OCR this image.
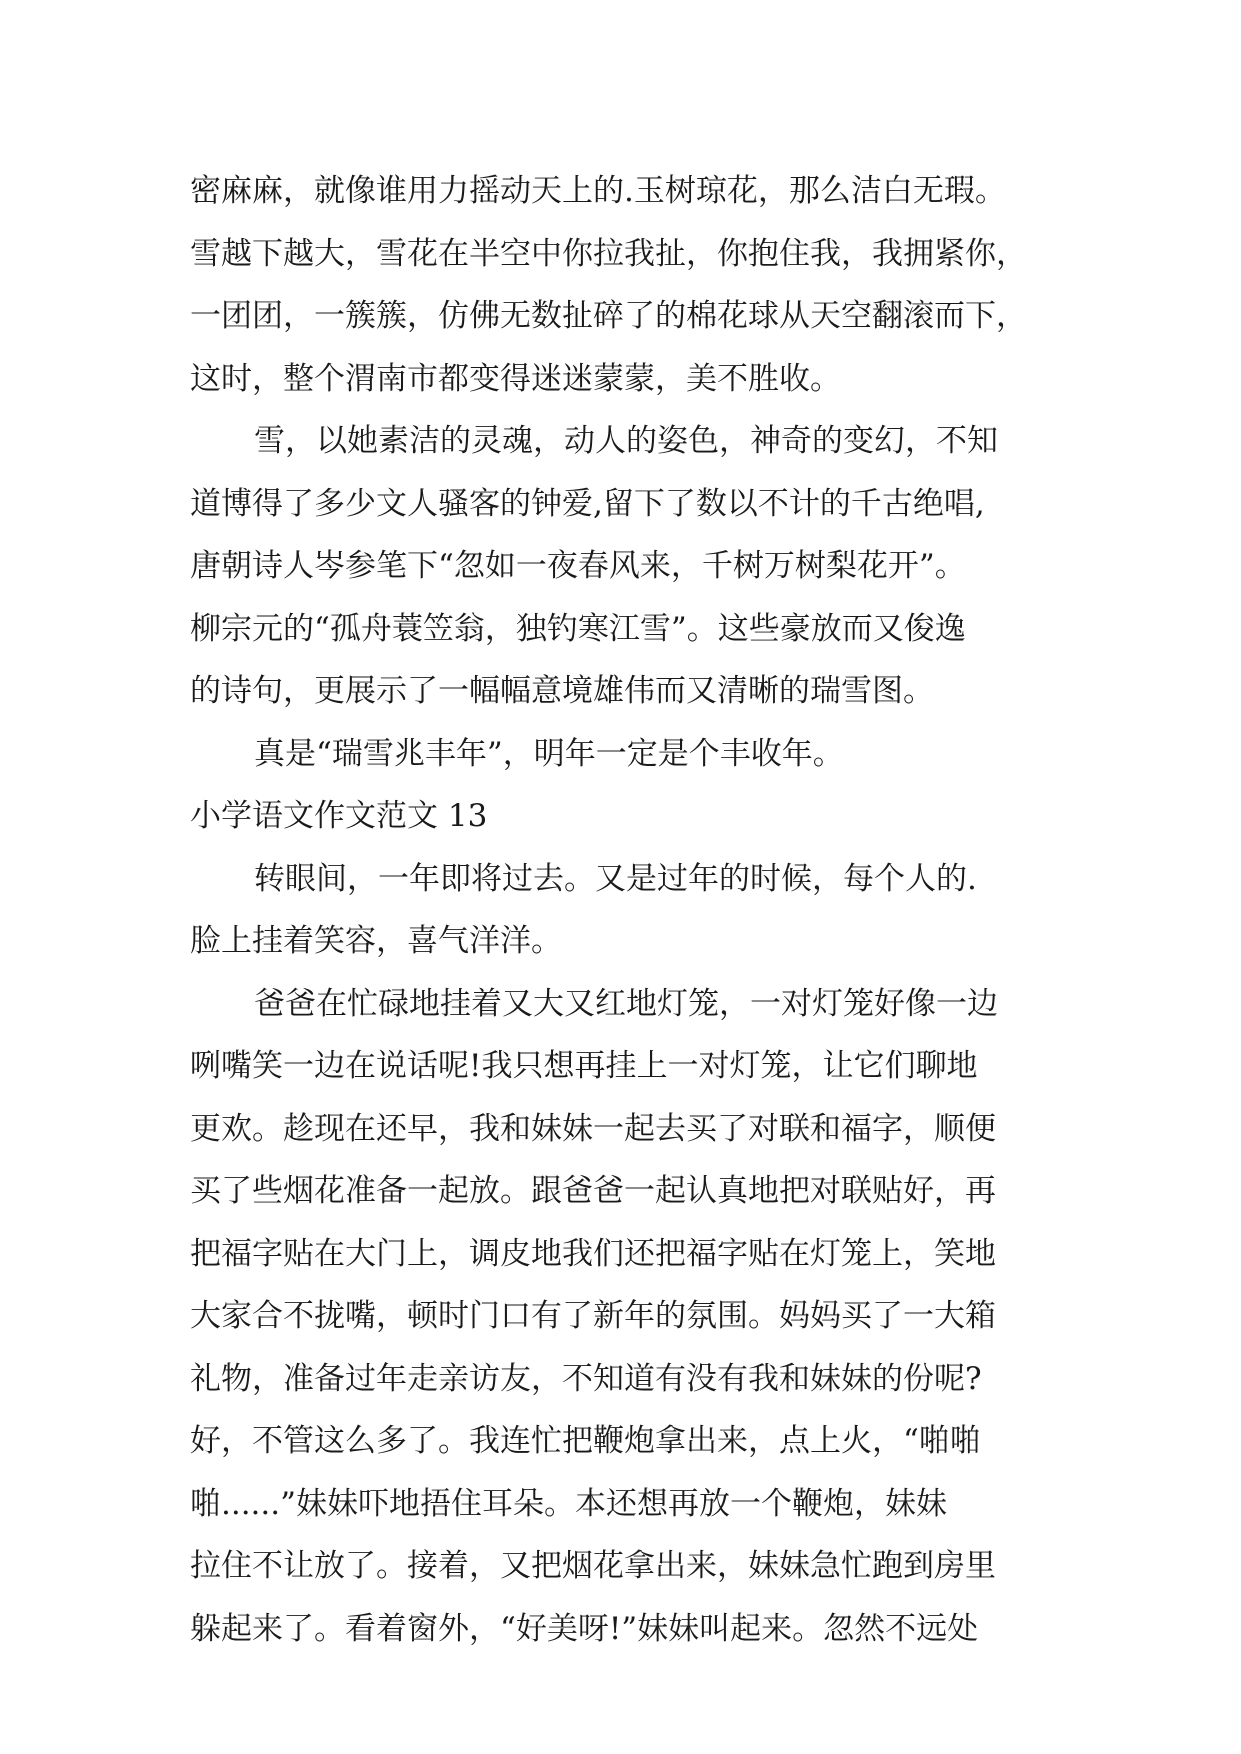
密麻麻，就像谁用力摇动天上的.玉树琼花，那么洁白无瑕。
雪越下越大，雪花在半空中你拉我扯，你抱住我，我拥紧你，
一团团，一簇簇，仿佛无数扯碎了的棉花球从天空翻滚而下，
这时，整个渭南市都变得迷迷蒙蒙，美不胜收。
雪，以她素洁的灵魂，动人的姿色，神奇的变幻，不知
道博得了多少文人骚客的钟爱,留下了数以不计的千古绝唱,
唐朝诗人岑参笔下“忽如一夜春风来，千树万树梨花开”。
柳宗元的“孤舟蓑笠翁，独钓寒江雪”。这些豪放而又俊逸
的诗句，更展示了一幅幅意境雄伟而又清晰的瑞雪图。
真是“瑞雪兆丰年”，明年一定是个丰收年。
小学语文作文范文 13
转眼间，一年即将过去。又是过年的时候，每个人的.
脸上挂着笑容，喜气洋洋。
爸爸在忙碌地挂着又大又红地灯笼，一对灯笼好像一边
咧嘴笑一边在说话呢!我只想再挂上一对灯笼，让它们聊地
更欢。趁现在还早，我和妹妹一起去买了对联和福字，顺便
买了些烟花准备一起放。跟爸爸一起认真地把对联贴好，再
把福字贴在大门上，调皮地我们还把福字贴在灯笼上，笑地
大家合不拢嘴，顿时门口有了新年的氛围。妈妈买了一大箱
礼物，准备过年走亲访友，不知道有没有我和妹妹的份呢?
好，不管这么多了。我连忙把鞭炮拿出来，点上火，“啪啪
啪......”妹妹吓地捂住耳朵。本还想再放一个鞭炮，妹妹
拉住不让放了。接着，又把烟花拿出来，妹妹急忙跑到房里
躲起来了。看着窗外，“好美呀!”妹妹叫起来。忽然不远处
